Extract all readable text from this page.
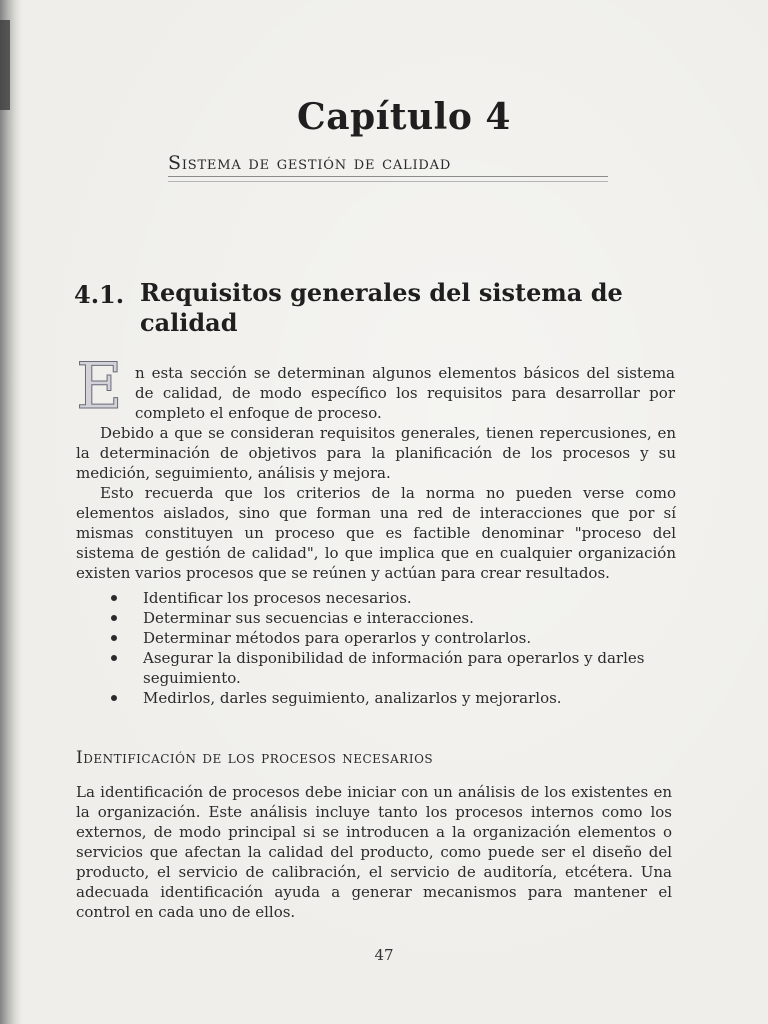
Capítulo 4
Sistema de gestión de calidad
4.1. Requisitos generales del sistema de calidad
E n esta sección se determinan algunos elementos básicos del sistema de calidad, de modo específico los requisitos para desarrollar por completo el enfoque de proceso.
Debido a que se consideran requisitos generales, tienen repercusiones, en la determinación de objetivos para la planificación de los procesos y su medición, seguimiento, análisis y mejora.
Esto recuerda que los criterios de la norma no pueden verse como elementos aislados, sino que forman una red de interacciones que por sí mismas constituyen un proceso que es factible denominar "proceso del sistema de gestión de calidad", lo que implica que en cualquier organización existen varios procesos que se reúnen y actúan para crear resultados.
Identificar los procesos necesarios.
Determinar sus secuencias e interacciones.
Determinar métodos para operarlos y controlarlos.
Asegurar la disponibilidad de información para operarlos y darles seguimiento.
Medirlos, darles seguimiento, analizarlos y mejorarlos.
Identificación de los procesos necesarios
La identificación de procesos debe iniciar con un análisis de los existentes en la organización. Este análisis incluye tanto los procesos internos como los externos, de modo principal si se introducen a la organización elementos o servicios que afectan la calidad del producto, como puede ser el diseño del producto, el servicio de calibración, el servicio de auditoría, etcétera. Una adecuada identificación ayuda a generar mecanismos para mantener el control en cada uno de ellos.
47
